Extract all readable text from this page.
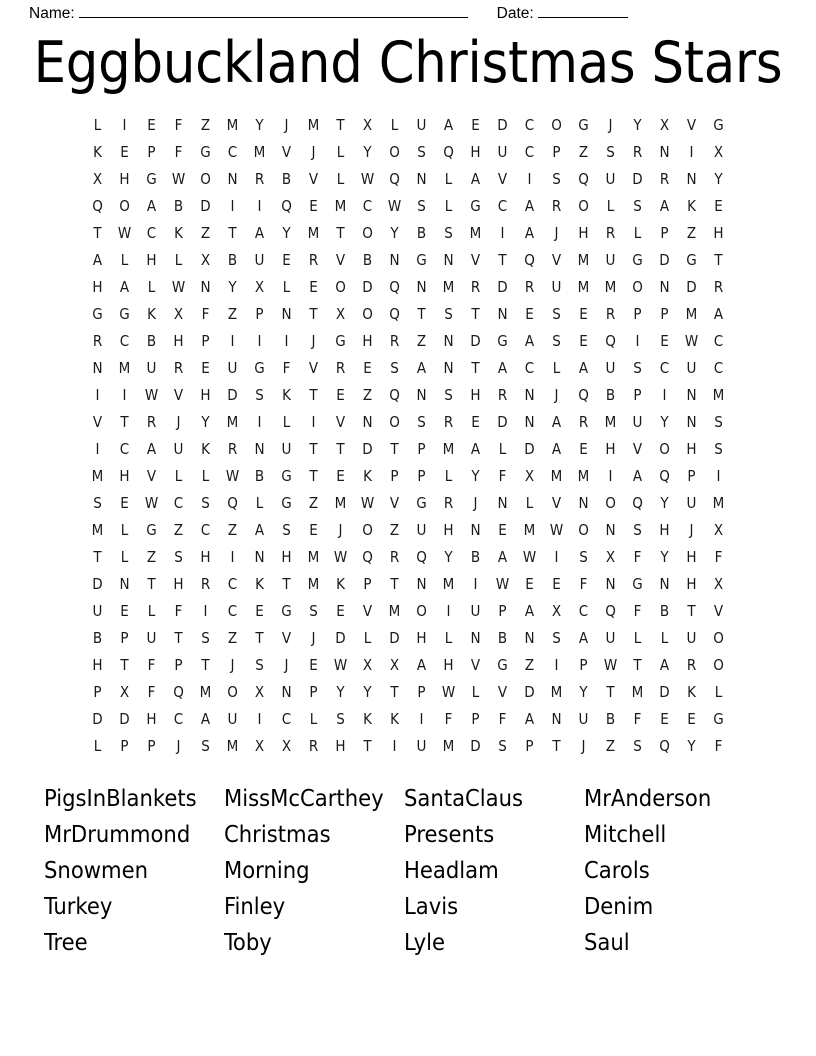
Name:	Date:
Eggbuckland Christmas Stars
L	I	E	F	Z	M	Y	J	M	T	X	L	U	A	E	D	C	O	G	J	Y	X	V	G
K	E	P	F	G	C	M	V	J	L	Y	O	S	Q	H	U	C	P	Z	S	R	N	I	X
X	H	G	W	O	N	R	B	V	L	W	Q	N	L	A	V	I	S	Q	U	D	R	N	Y
Q	O	A	B	D	I	I	Q	E	M	C	W	S	L	G	C	A	R	O	L	S	A	K	E
T	W	C	K	Z	T	A	Y	M	T	O	Y	B	S	M	I	A	J	H	R	L	P	Z	H
A	L	H	L	X	B	U	E	R	V	B	N	G	N	V	T	Q	V	M	U	G	D	G	T
H	A	L	W	N	Y	X	L	E	O	D	Q	N	M	R	D	R	U	M	M	O	N	D	R
G	G	K	X	F	Z	P	N	T	X	O	Q	T	S	T	N	E	S	E	R	P	P	M	A
R	C	B	H	P	I	I	I	J	G	H	R	Z	N	D	G	A	S	E	Q	I	E	W	C
N	M	U	R	E	U	G	F	V	R	E	S	A	N	T	A	C	L	A	U	S	C	U	C
I	I	W	V	H	D	S	K	T	E	Z	Q	N	S	H	R	N	J	Q	B	P	I	N	M
V	T	R	J	Y	M	I	L	I	V	N	O	S	R	E	D	N	A	R	M	U	Y	N	S
I	C	A	U	K	R	N	U	T	T	D	T	P	M	A	L	D	A	E	H	V	O	H	S
M	H	V	L	L	W	B	G	T	E	K	P	P	L	Y	F	X	M	M	I	A	Q	P	I
S	E	W	C	S	Q	L	G	Z	M W	V	G	R	J	N	L	V	N	O	Q	Y	U	M
M	L	G	Z	C	Z	A	S	E	J	O	Z	U	H	N	E	M W	O	N	S	H	J	X
T	L	Z	S	H	I	N	H	M W	Q	R	Q	Y	B	A	W	I	S	X	F	Y	H	F
D	N	T	H	R	C	K	T	M	K	P	T	N	M	I	W	E	E	F	N	G	N	H	X
U	E	L	F	I	C	E	G	S	E	V	M	O	I	U	P	A	X	C	Q	F	B	T	V
B	P	U	T	S	Z	T	V	J	D	L	D	H	L	N	B	N	S	A	U	L	L	U	O
H	T	F	P	T	J	S	J	E	W	X	X	A	H	V	G	Z	I	P	W	T	A	R	O
P	X	F	Q	M	O	X	N	P	Y	Y	T	P	W	L	V	D	M	Y	T	M	D	K	L
D	D	H	C	A	U	I	C	L	S	K	K	I	F	P	F	A	N	U	B	F	E	E	G
L	P	P	J	S	M	X	X	R	H	T	I	U	M	D	S	P	T	J	Z	S	Q	Y	F
PigsInBlankets	MissMcCarthey SantaClaus	MrAnderson
MrDrummond	Christmas	Presents	Mitchell
Snowmen	Morning	Headlam	Carols
Turkey	Finley	Lavis	Denim
Tree	Toby	Lyle	Saul
